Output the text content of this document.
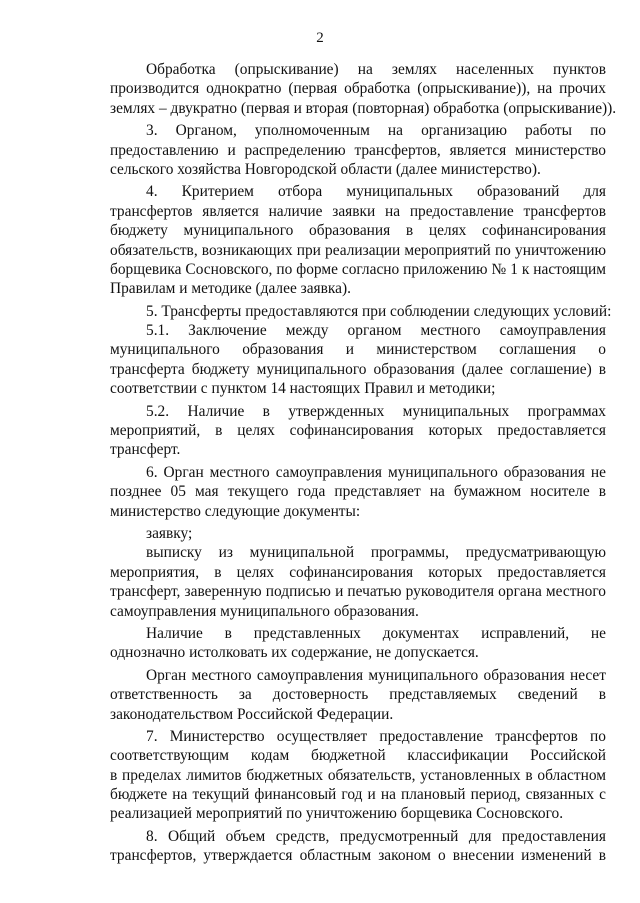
2
Обработка (опрыскивание) на землях населенных пунктов
производится однократно (первая обработка (опрыскивание)), на прочих
землях – двукратно (первая и вторая (повторная) обработка (опрыскивание)).
3. Органом, уполномоченным на организацию работы по
предоставлению и распределению трансфертов, является министерство
сельского хозяйства Новгородской области (далее министерство).
4. Критерием отбора муниципальных образований для
трансфертов является наличие заявки на предоставление трансфертов
бюджету муниципального образования в целях софинансирования
обязательств, возникающих при реализации мероприятий по уничтожению
борщевика Сосновского, по форме согласно приложению № 1 к настоящим
Правилам и методике (далее заявка).
5. Трансферты предоставляются при соблюдении следующих условий:
5.1. Заключение между органом местного самоуправления
муниципального образования и министерством соглашения о
трансферта бюджету муниципального образования (далее соглашение) в
соответствии с пунктом 14 настоящих Правил и методики;
5.2. Наличие в утвержденных муниципальных программах
мероприятий, в целях софинансирования которых предоставляется
трансферт.
6. Орган местного самоуправления муниципального образования не
позднее 05 мая текущего года представляет на бумажном носителе в
министерство следующие документы:
заявку;
выписку из муниципальной программы, предусматривающую
мероприятия, в целях софинансирования которых предоставляется
трансферт, заверенную подписью и печатью руководителя органа местного
самоуправления муниципального образования.
Наличие в представленных документах исправлений, не
однозначно истолковать их содержание, не допускается.
Орган местного самоуправления муниципального образования несет
ответственность за достоверность представляемых сведений в
законодательством Российской Федерации.
7. Министерство осуществляет предоставление трансфертов по
соответствующим кодам бюджетной классификации Российской
в пределах лимитов бюджетных обязательств, установленных в областном
бюджете на текущий финансовый год и на плановый период, связанных с
реализацией мероприятий по уничтожению борщевика Сосновского.
8. Общий объем средств, предусмотренный для предоставления
трансфертов, утверждается областным законом о внесении изменений в
